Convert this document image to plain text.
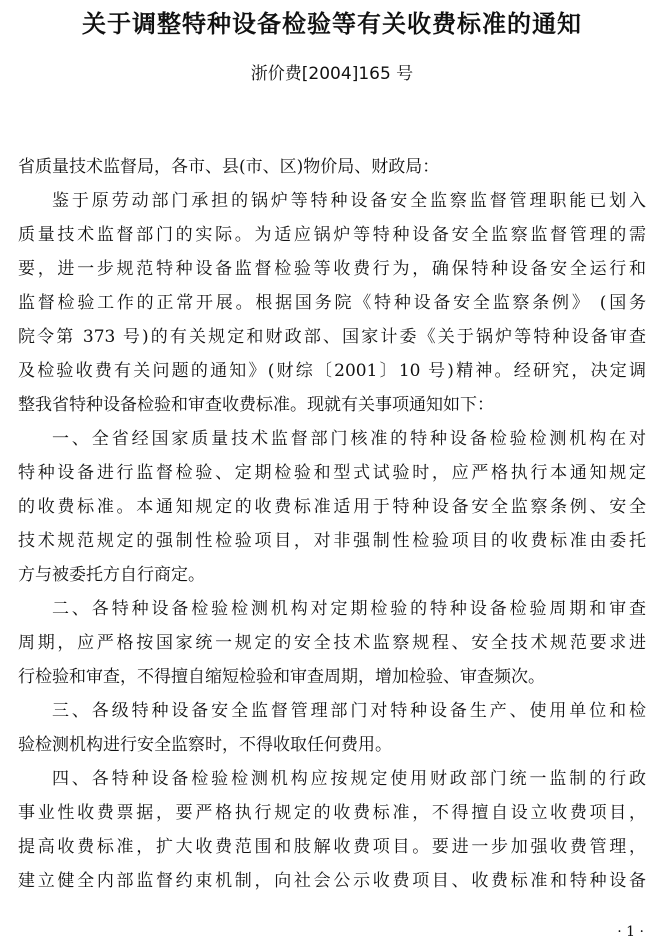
关于调整特种设备检验等有关收费标准的通知
浙价费[2004]165 号
省质量技术监督局，各市、县(市、区)物价局、财政局：
鉴于原劳动部门承担的锅炉等特种设备安全监察监督管理职能已划入
质量技术监督部门的实际。为适应锅炉等特种设备安全监察监督管理的需
要，进一步规范特种设备监督检验等收费行为，确保特种设备安全运行和
监督检验工作的正常开展。根据国务院《特种设备安全监察条例》 (国务
院令第 373 号)的有关规定和财政部、国家计委《关于锅炉等特种设备审查
及检验收费有关问题的通知》(财综〔2001〕10 号)精神。经研究，决定调
整我省特种设备检验和审查收费标准。现就有关事项通知如下：
一、全省经国家质量技术监督部门核准的特种设备检验检测机构在对
特种设备进行监督检验、定期检验和型式试验时，应严格执行本通知规定
的收费标准。本通知规定的收费标准适用于特种设备安全监察条例、安全
技术规范规定的强制性检验项目，对非强制性检验项目的收费标准由委托
方与被委托方自行商定。
二、各特种设备检验检测机构对定期检验的特种设备检验周期和审查
周期，应严格按国家统一规定的安全技术监察规程、安全技术规范要求进
行检验和审查，不得擅自缩短检验和审查周期，增加检验、审查频次。
三、各级特种设备安全监督管理部门对特种设备生产、使用单位和检
验检测机构进行安全监察时，不得收取任何费用。
四、各特种设备检验检测机构应按规定使用财政部门统一监制的行政
事业性收费票据，要严格执行规定的收费标准，不得擅自设立收费项目，
提高收费标准，扩大收费范围和肢解收费项目。要进一步加强收费管理，
建立健全内部监督约束机制，向社会公示收费项目、收费标准和特种设备
· 1 ·
